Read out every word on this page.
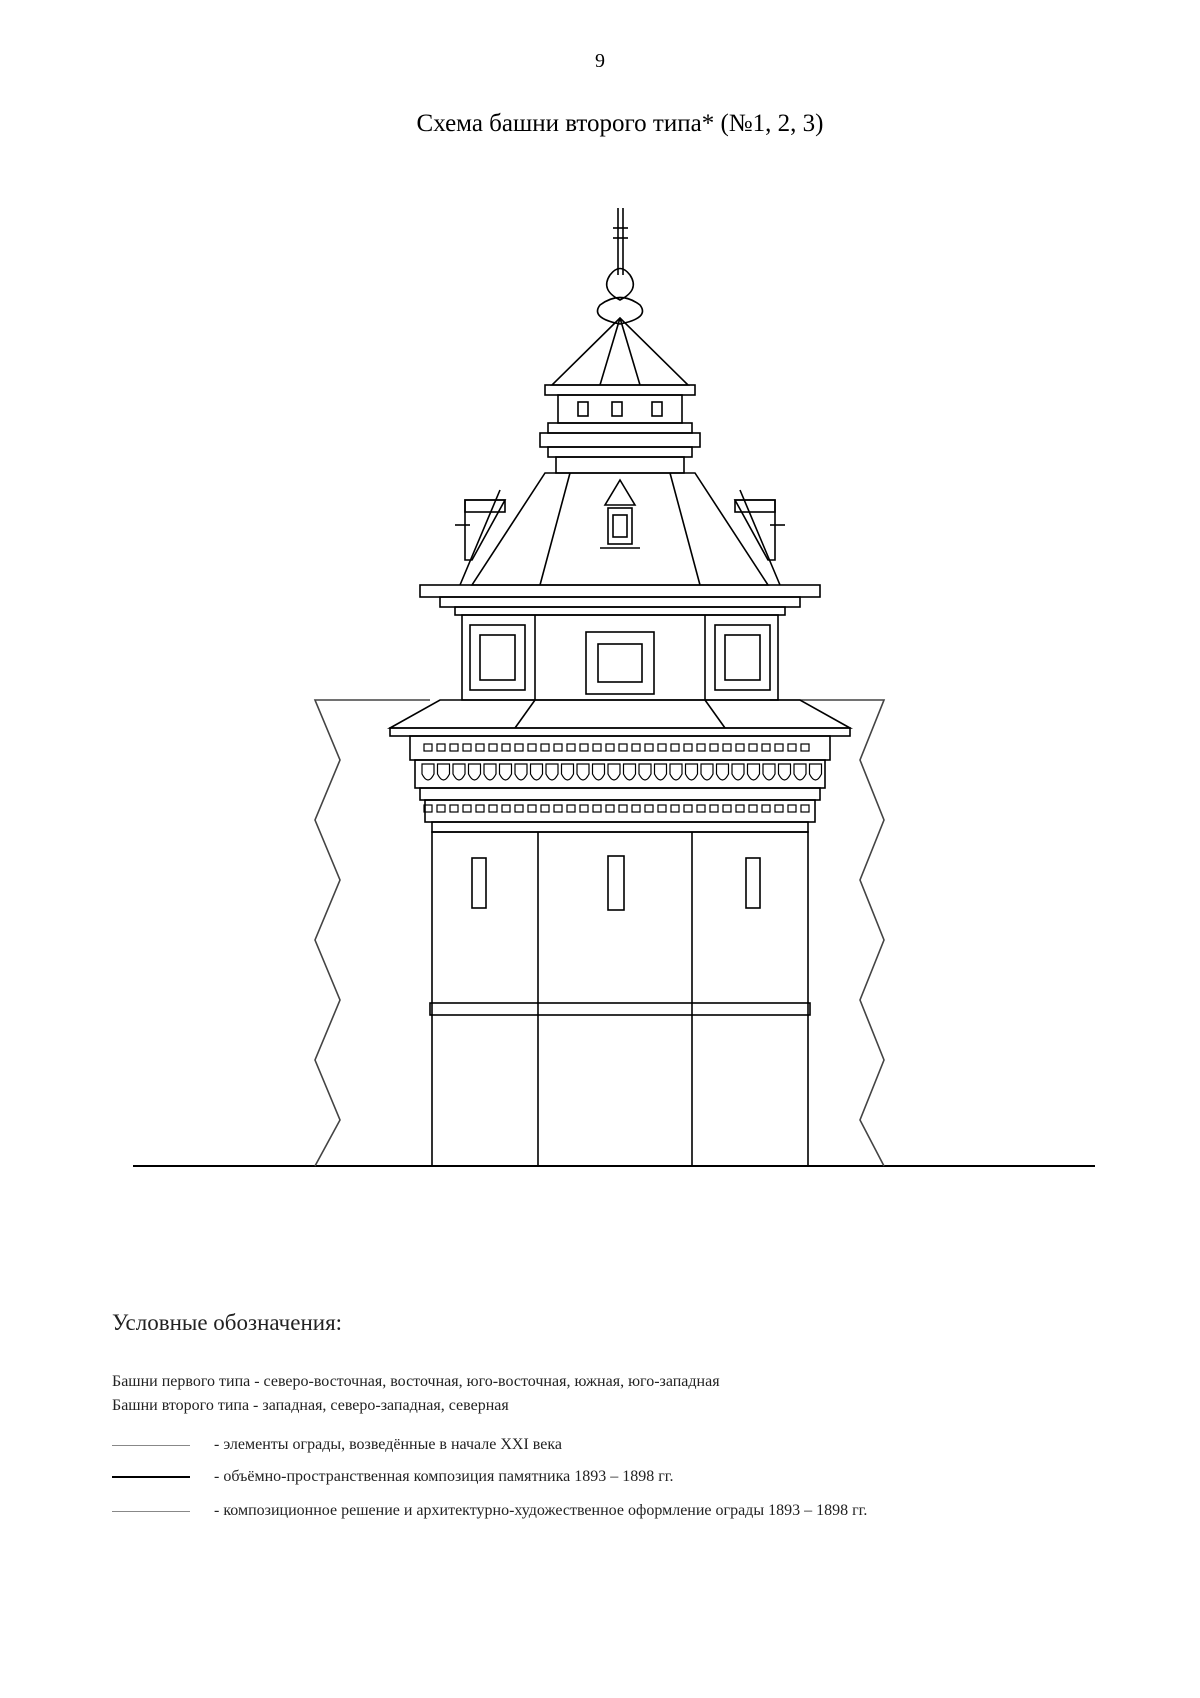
9
Схема башни второго типа* (№1, 2, 3)
Условные обозначения:
Башни первого типа - северо-восточная, восточная, юго-восточная, южная, юго-западная
Башни второго типа - западная, северо-западная, северная
- элементы ограды, возведённые в начале XXI века
- объёмно-пространственная композиция памятника 1893 – 1898 гг.
- композиционное решение и архитектурно-художественное оформление ограды 1893 – 1898 гг.
